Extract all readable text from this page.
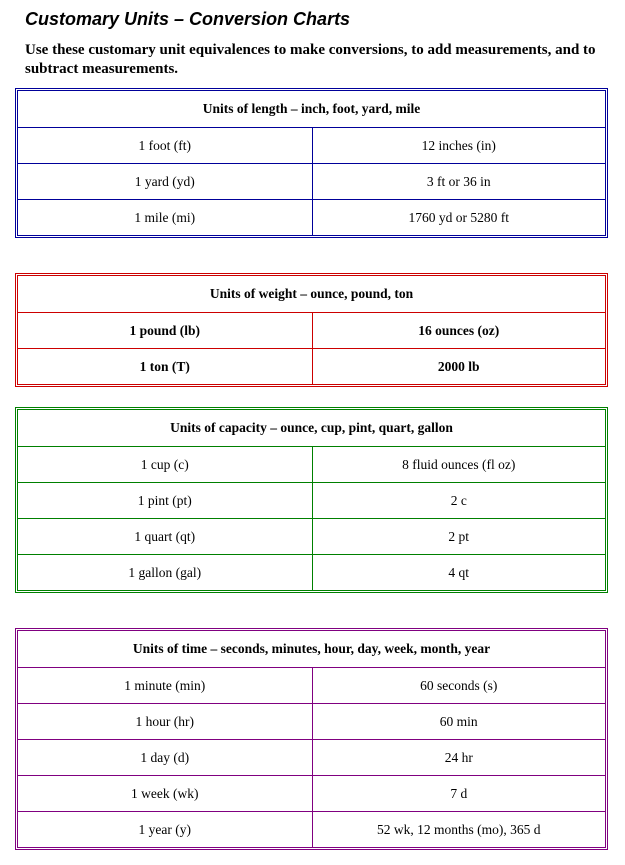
Customary Units – Conversion Charts
Use these customary unit equivalences to make conversions, to add measurements, and to subtract measurements.
Units of length – inch, foot, yard, mile	
1 foot (ft)	12 inches (in)
1 yard (yd)	3 ft or 36 in
1 mile (mi)	1760 yd or 5280 ft
Units of weight – ounce, pound, ton	
1 pound (lb)	16 ounces (oz)
1 ton (T)	2000 lb
Units of capacity – ounce, cup, pint, quart, gallon	
1 cup (c)	8 fluid ounces (fl oz)
1 pint (pt)	2 c
1 quart (qt)	2 pt
1 gallon (gal)	4 qt
Units of time – seconds, minutes, hour, day, week, month, year	
1 minute (min)	60 seconds (s)
1 hour (hr)	60 min
1 day (d)	24 hr
1 week (wk)	7 d
1 year (y)	52 wk, 12 months (mo), 365 d
